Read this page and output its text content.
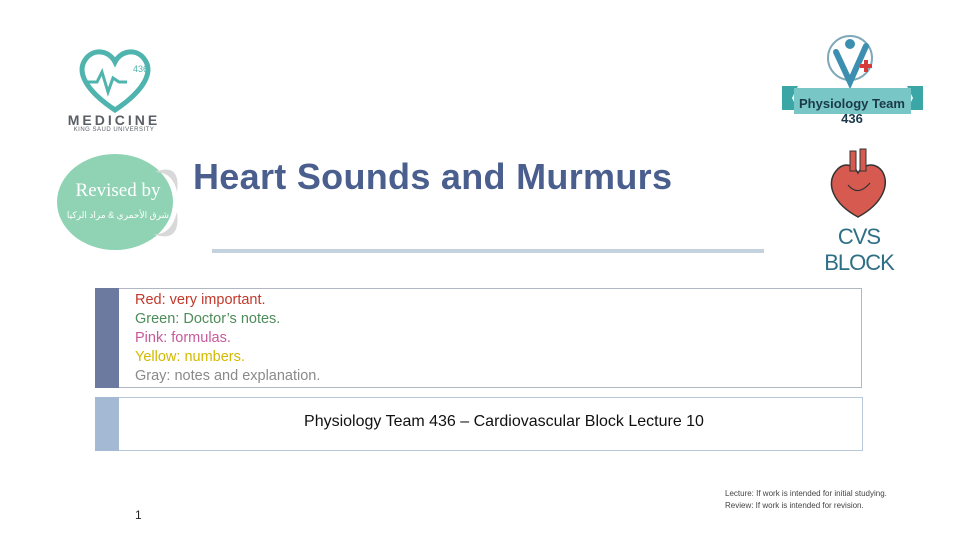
436
MEDICINE
KING SAUD UNIVERSITY
Revised by
شرق الأحمري & مراد الركيا
Physiology Team 436
CVS BLOCK
Heart Sounds and Murmurs
Red: very important.
Green: Doctor’s notes.
Pink: formulas.
Yellow: numbers.
Gray: notes and explanation.
Physiology Team 436 – Cardiovascular Block Lecture 10
1
Lecture: If work is intended for initial studying.
Review: If work is intended for revision.
